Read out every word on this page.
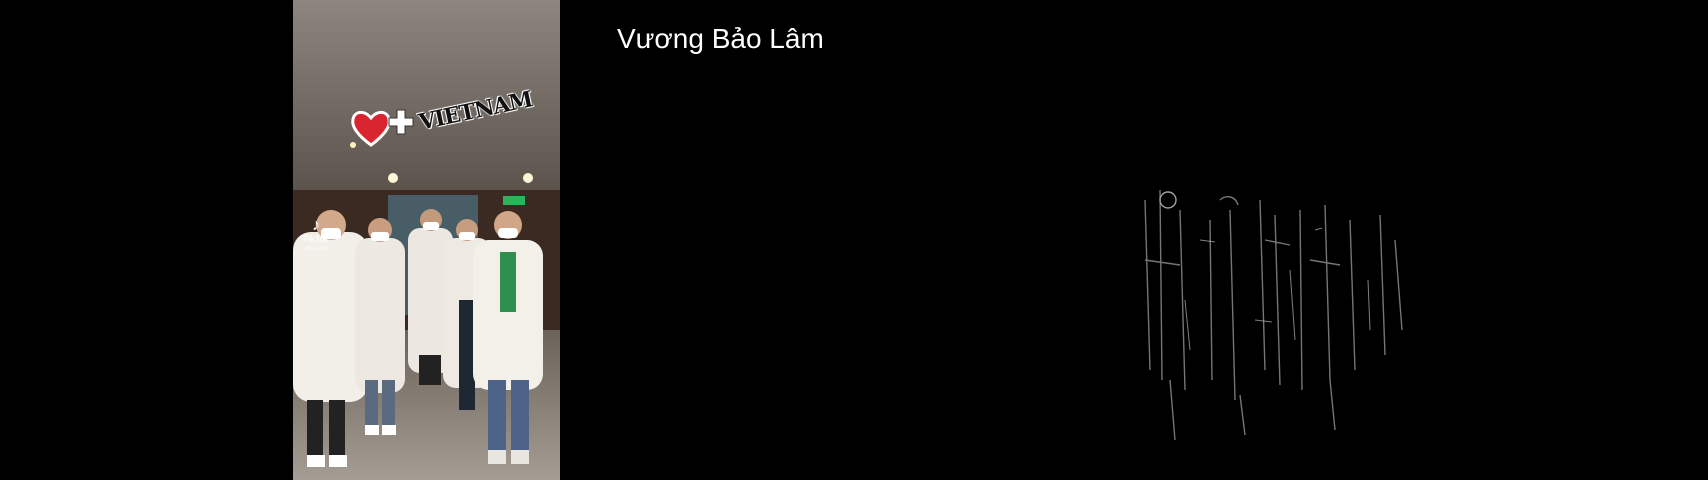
VIETNAM
♪
TikTok
@ban_trai
Vương Bảo Lâm
